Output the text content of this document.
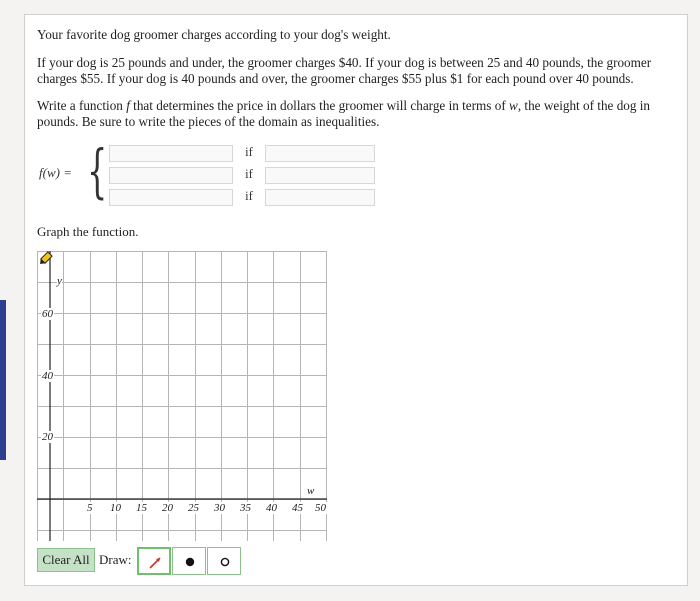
Your favorite dog groomer charges according to your dog's weight.
If your dog is 25 pounds and under, the groomer charges $40. If your dog is between 25 and 40 pounds, the groomer charges $55. If your dog is 40 pounds and over, the groomer charges $55 plus $1 for each pound over 40 pounds.
Write a function f that determines the price in dollars the groomer will charge in terms of w, the weight of the dog in pounds. Be sure to write the pieces of the domain as inequalities.
f(w) = {	if
if
if
Graph the function.
y
w
60
40
20
5 10 15 20 25 30 35 40 45 50
Clear All Draw:
